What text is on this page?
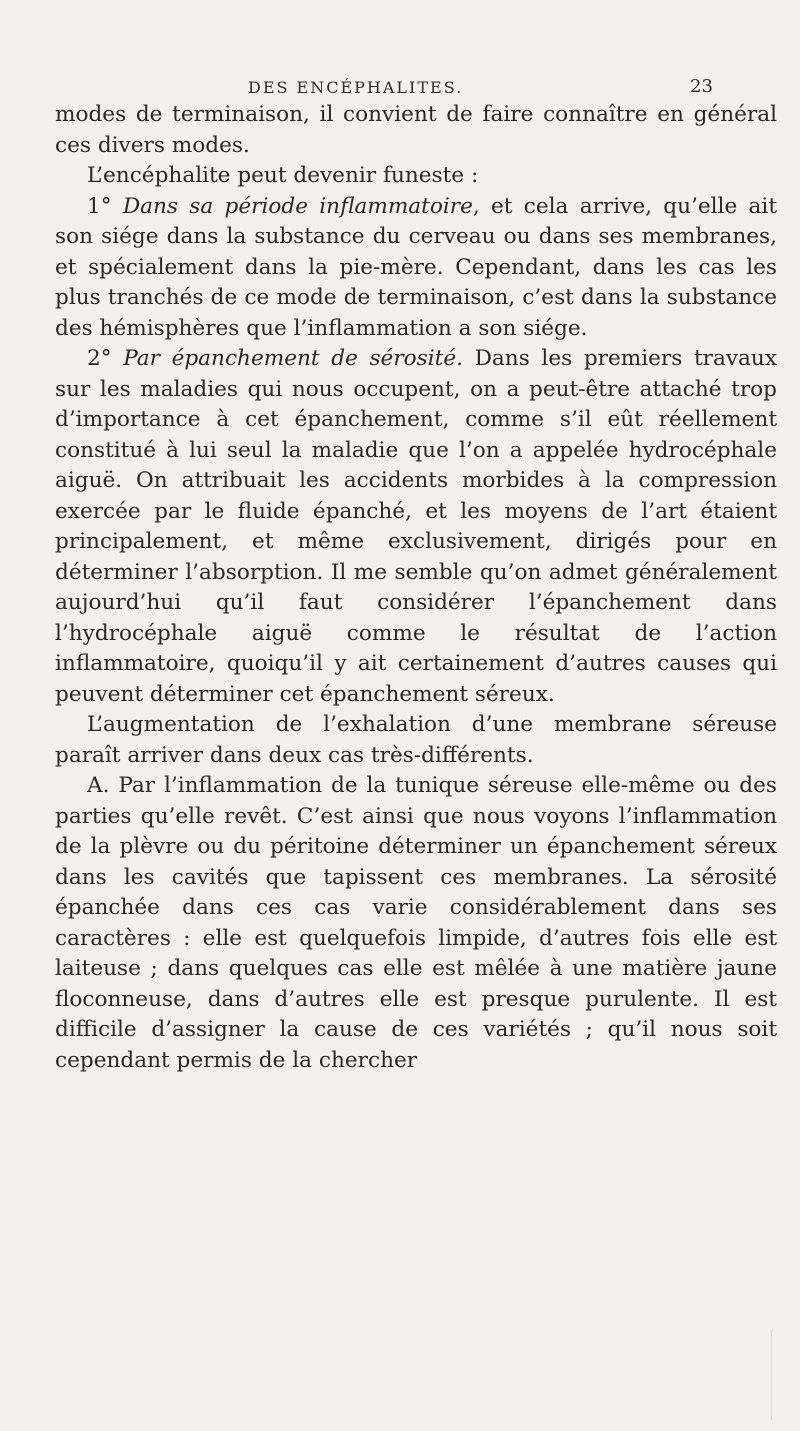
DES ENCÉPHALITES.	23

modes de terminaison, il convient de faire connaître en général ces divers modes.

L’encéphalite peut devenir funeste :

1° Dans sa période inflammatoire, et cela arrive, qu’elle ait son siége dans la substance du cerveau ou dans ses membranes, et spécialement dans la pie-mère. Cependant, dans les cas les plus tranchés de ce mode de terminaison, c’est dans la substance des hémisphères que l’inflammation a son siége.

2° Par épanchement de sérosité. Dans les premiers travaux sur les maladies qui nous occupent, on a peut-être attaché trop d’importance à cet épanchement, comme s’il eût réellement constitué à lui seul la maladie que l’on a appelée hydrocéphale aiguë. On attribuait les accidents morbides à la compression exercée par le fluide épanché, et les moyens de l’art étaient principalement, et même exclusivement, dirigés pour en déterminer l’absorption. Il me semble qu’on admet généralement aujourd’hui qu’il faut considérer l’épanchement dans l’hydrocéphale aiguë comme le résultat de l’action inflammatoire, quoiqu’il y ait certainement d’autres causes qui peuvent déterminer cet épanchement séreux.

L’augmentation de l’exhalation d’une membrane séreuse paraît arriver dans deux cas très-différents.

A. Par l’inflammation de la tunique séreuse elle-même ou des parties qu’elle revêt. C’est ainsi que nous voyons l’inflammation de la plèvre ou du péritoine déterminer un épanchement séreux dans les cavités que tapissent ces membranes. La sérosité épanchée dans ces cas varie considérablement dans ses caractères : elle est quelquefois limpide, d’autres fois elle est laiteuse ; dans quelques cas elle est mêlée à une matière jaune floconneuse, dans d’autres elle est presque purulente. Il est difficile d’assigner la cause de ces variétés ; qu’il nous soit cependant permis de la chercher
